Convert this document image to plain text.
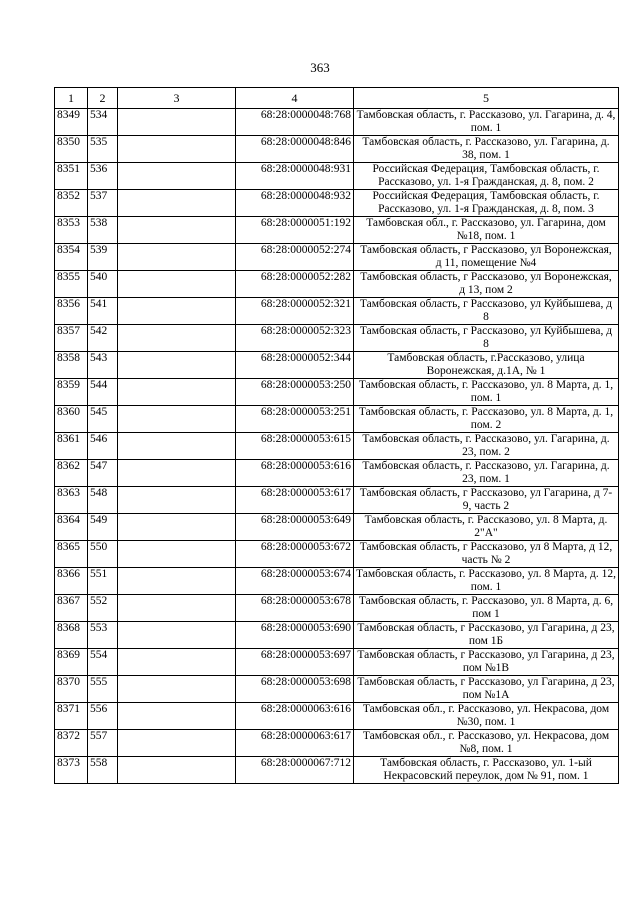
363
1	2	3	4	5
8349	534		68:28:0000048:768	Тамбовская область, г. Рассказово, ул. Гагарина, д. 4, пом. 1
8350	535		68:28:0000048:846	Тамбовская область, г. Рассказово, ул. Гагарина, д. 38, пом. 1
8351	536		68:28:0000048:931	Российская Федерация, Тамбовская область, г. Рассказово, ул. 1-я Гражданская, д. 8, пом. 2
8352	537		68:28:0000048:932	Российская Федерация, Тамбовская область, г. Рассказово, ул. 1-я Гражданская, д. 8, пом. 3
8353	538		68:28:0000051:192	Тамбовская обл., г. Рассказово, ул. Гагарина, дом №18, пом. 1
8354	539		68:28:0000052:274	Тамбовская область, г Рассказово, ул Воронежская, д 11, помещение №4
8355	540		68:28:0000052:282	Тамбовская область, г Рассказово, ул Воронежская, д 13, пом 2
8356	541		68:28:0000052:321	Тамбовская область, г Рассказово, ул Куйбышева, д 8
8357	542		68:28:0000052:323	Тамбовская область, г Рассказово, ул Куйбышева, д 8
8358	543		68:28:0000052:344	Тамбовская область, г.Рассказово, улица Воронежская, д.1А, № 1
8359	544		68:28:0000053:250	Тамбовская область, г. Рассказово, ул. 8 Марта, д. 1, пом. 1
8360	545		68:28:0000053:251	Тамбовская область, г. Рассказово, ул. 8 Марта, д. 1, пом. 2
8361	546		68:28:0000053:615	Тамбовская область, г. Рассказово, ул. Гагарина, д. 23, пом. 2
8362	547		68:28:0000053:616	Тамбовская область, г. Рассказово, ул. Гагарина, д. 23, пом. 1
8363	548		68:28:0000053:617	Тамбовская область, г Рассказово, ул Гагарина, д 7-9, часть 2
8364	549		68:28:0000053:649	Тамбовская область, г. Рассказово, ул. 8 Марта, д. 2"А"
8365	550		68:28:0000053:672	Тамбовская область, г Рассказово, ул 8 Марта, д 12, часть № 2
8366	551		68:28:0000053:674	Тамбовская область, г. Рассказово, ул. 8 Марта, д. 12, пом. 1
8367	552		68:28:0000053:678	Тамбовская область, г. Рассказово, ул. 8 Марта, д. 6, пом 1
8368	553		68:28:0000053:690	Тамбовская область, г Рассказово, ул Гагарина, д 23, пом 1Б
8369	554		68:28:0000053:697	Тамбовская область, г Рассказово, ул Гагарина, д 23, пом №1В
8370	555		68:28:0000053:698	Тамбовская область, г Рассказово, ул Гагарина, д 23, пом №1А
8371	556		68:28:0000063:616	Тамбовская обл., г. Рассказово, ул. Некрасова, дом №30, пом. 1
8372	557		68:28:0000063:617	Тамбовская обл., г. Рассказово, ул. Некрасова, дом №8, пом. 1
8373	558		68:28:0000067:712	Тамбовская область, г. Рассказово, ул. 1-ый Некрасовский переулок, дом № 91, пом. 1
